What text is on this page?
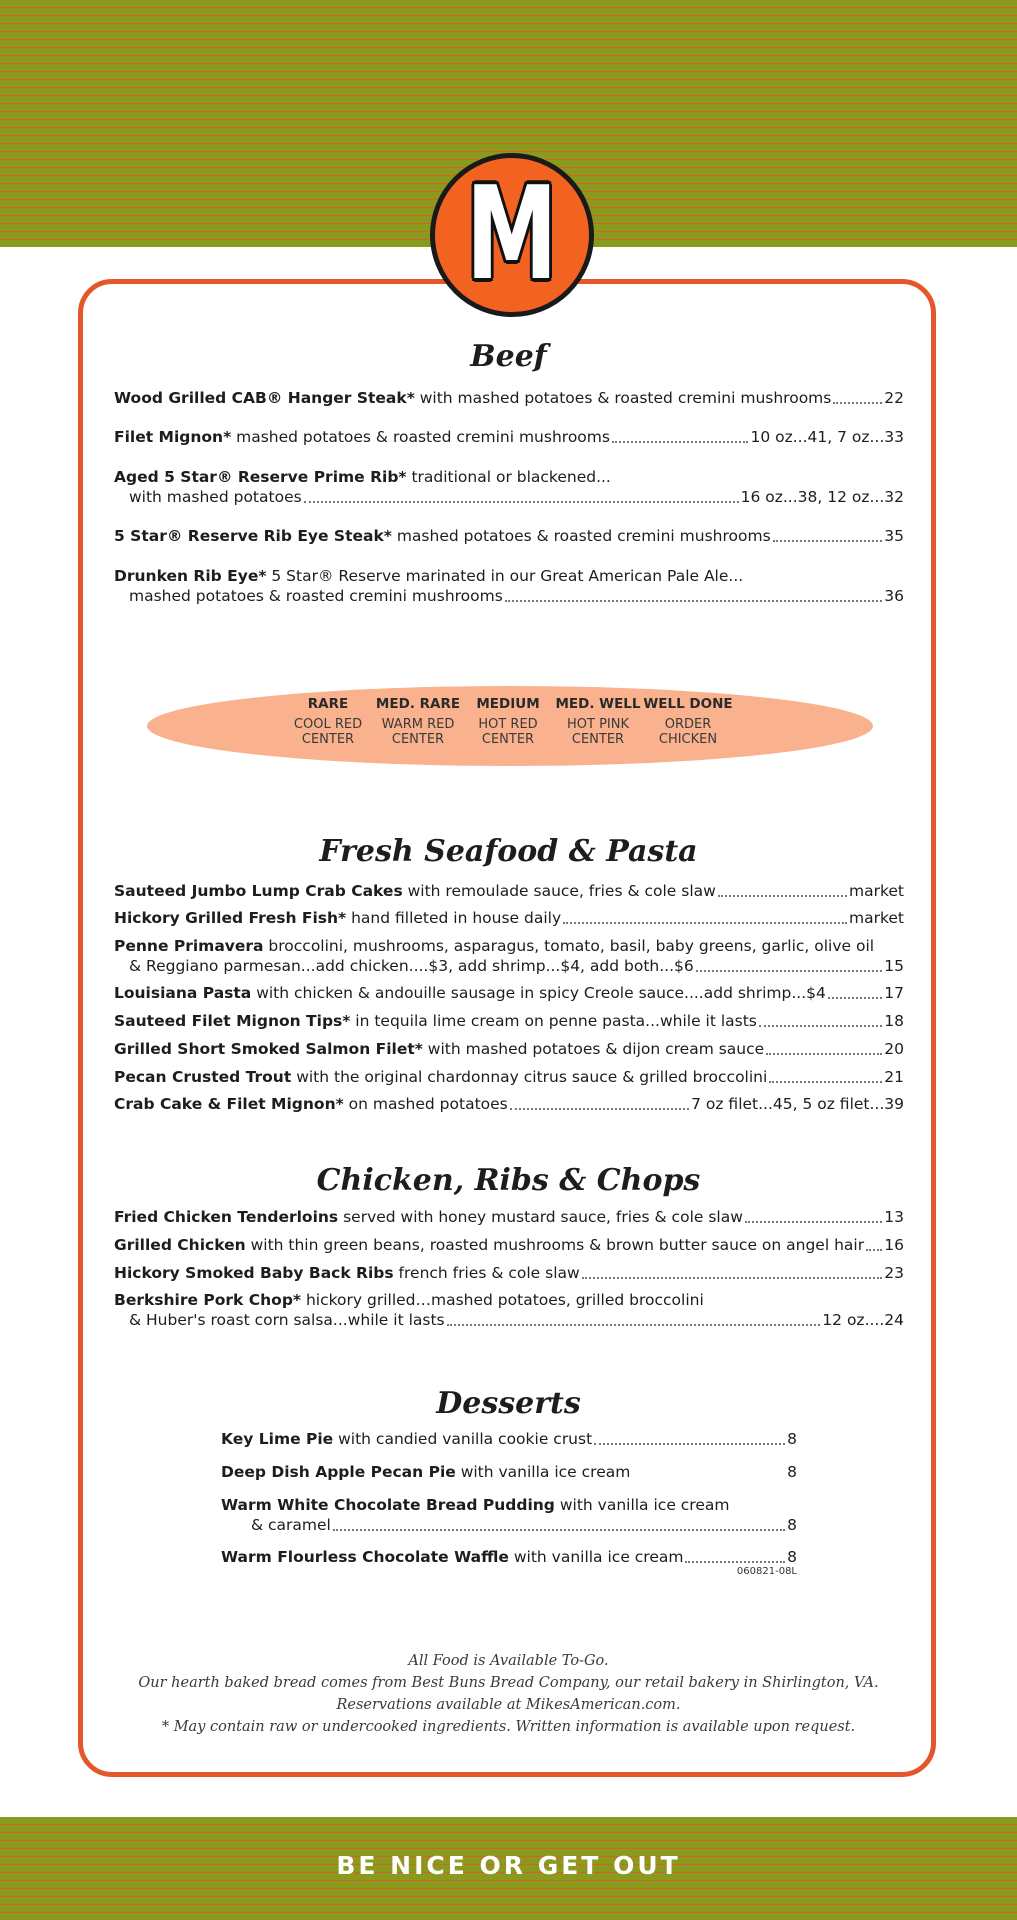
M
Beef
Wood Grilled CAB® Hanger Steak* with mashed potatoes & roasted cremini mushrooms	22
Filet Mignon* mashed potatoes & roasted cremini mushrooms	10 oz...41, 7 oz...33
Aged 5 Star® Reserve Prime Rib* traditional or blackened...
with mashed potatoes	16 oz...38, 12 oz...32
5 Star® Reserve Rib Eye Steak* mashed potatoes & roasted cremini mushrooms	35
Drunken Rib Eye* 5 Star® Reserve marinated in our Great American Pale Ale...
mashed potatoes & roasted cremini mushrooms	36
RARE
COOL RED
CENTER
MED. RARE
WARM RED
CENTER
MEDIUM
HOT RED
CENTER
MED. WELL
HOT PINK
CENTER
WELL DONE
ORDER
CHICKEN
Fresh Seafood & Pasta
Sauteed Jumbo Lump Crab Cakes with remoulade sauce, fries & cole slaw	market
Hickory Grilled Fresh Fish* hand filleted in house daily	market
Penne Primavera broccolini, mushrooms, asparagus, tomato, basil, baby greens, garlic, olive oil
& Reggiano parmesan...add chicken....$3, add shrimp...$4, add both...$6	15
Louisiana Pasta with chicken & andouille sausage in spicy Creole sauce....add shrimp...$4	17
Sauteed Filet Mignon Tips* in tequila lime cream on penne pasta...while it lasts	18
Grilled Short Smoked Salmon Filet* with mashed potatoes & dijon cream sauce	20
Pecan Crusted Trout with the original chardonnay citrus sauce & grilled broccolini	21
Crab Cake & Filet Mignon* on mashed potatoes	7 oz filet...45, 5 oz filet...39
Chicken, Ribs & Chops
Fried Chicken Tenderloins served with honey mustard sauce, fries & cole slaw	13
Grilled Chicken with thin green beans, roasted mushrooms & brown butter sauce on angel hair 16
Hickory Smoked Baby Back Ribs french fries & cole slaw	23
Berkshire Pork Chop* hickory grilled…mashed potatoes, grilled broccolini
& Huber's roast corn salsa...while it lasts	12 oz....24
Desserts
Key Lime Pie with candied vanilla cookie crust	8
Deep Dish Apple Pecan Pie with vanilla ice cream	8
Warm White Chocolate Bread Pudding with vanilla ice cream
& caramel	8
Warm Flourless Chocolate Waffle with vanilla ice cream	8
060821-08L
All Food is Available To-Go.
Our hearth baked bread comes from Best Buns Bread Company, our retail bakery in Shirlington, VA.
Reservations available at MikesAmerican.com.
* May contain raw or undercooked ingredients. Written information is available upon request.
BE NICE OR GET OUT
